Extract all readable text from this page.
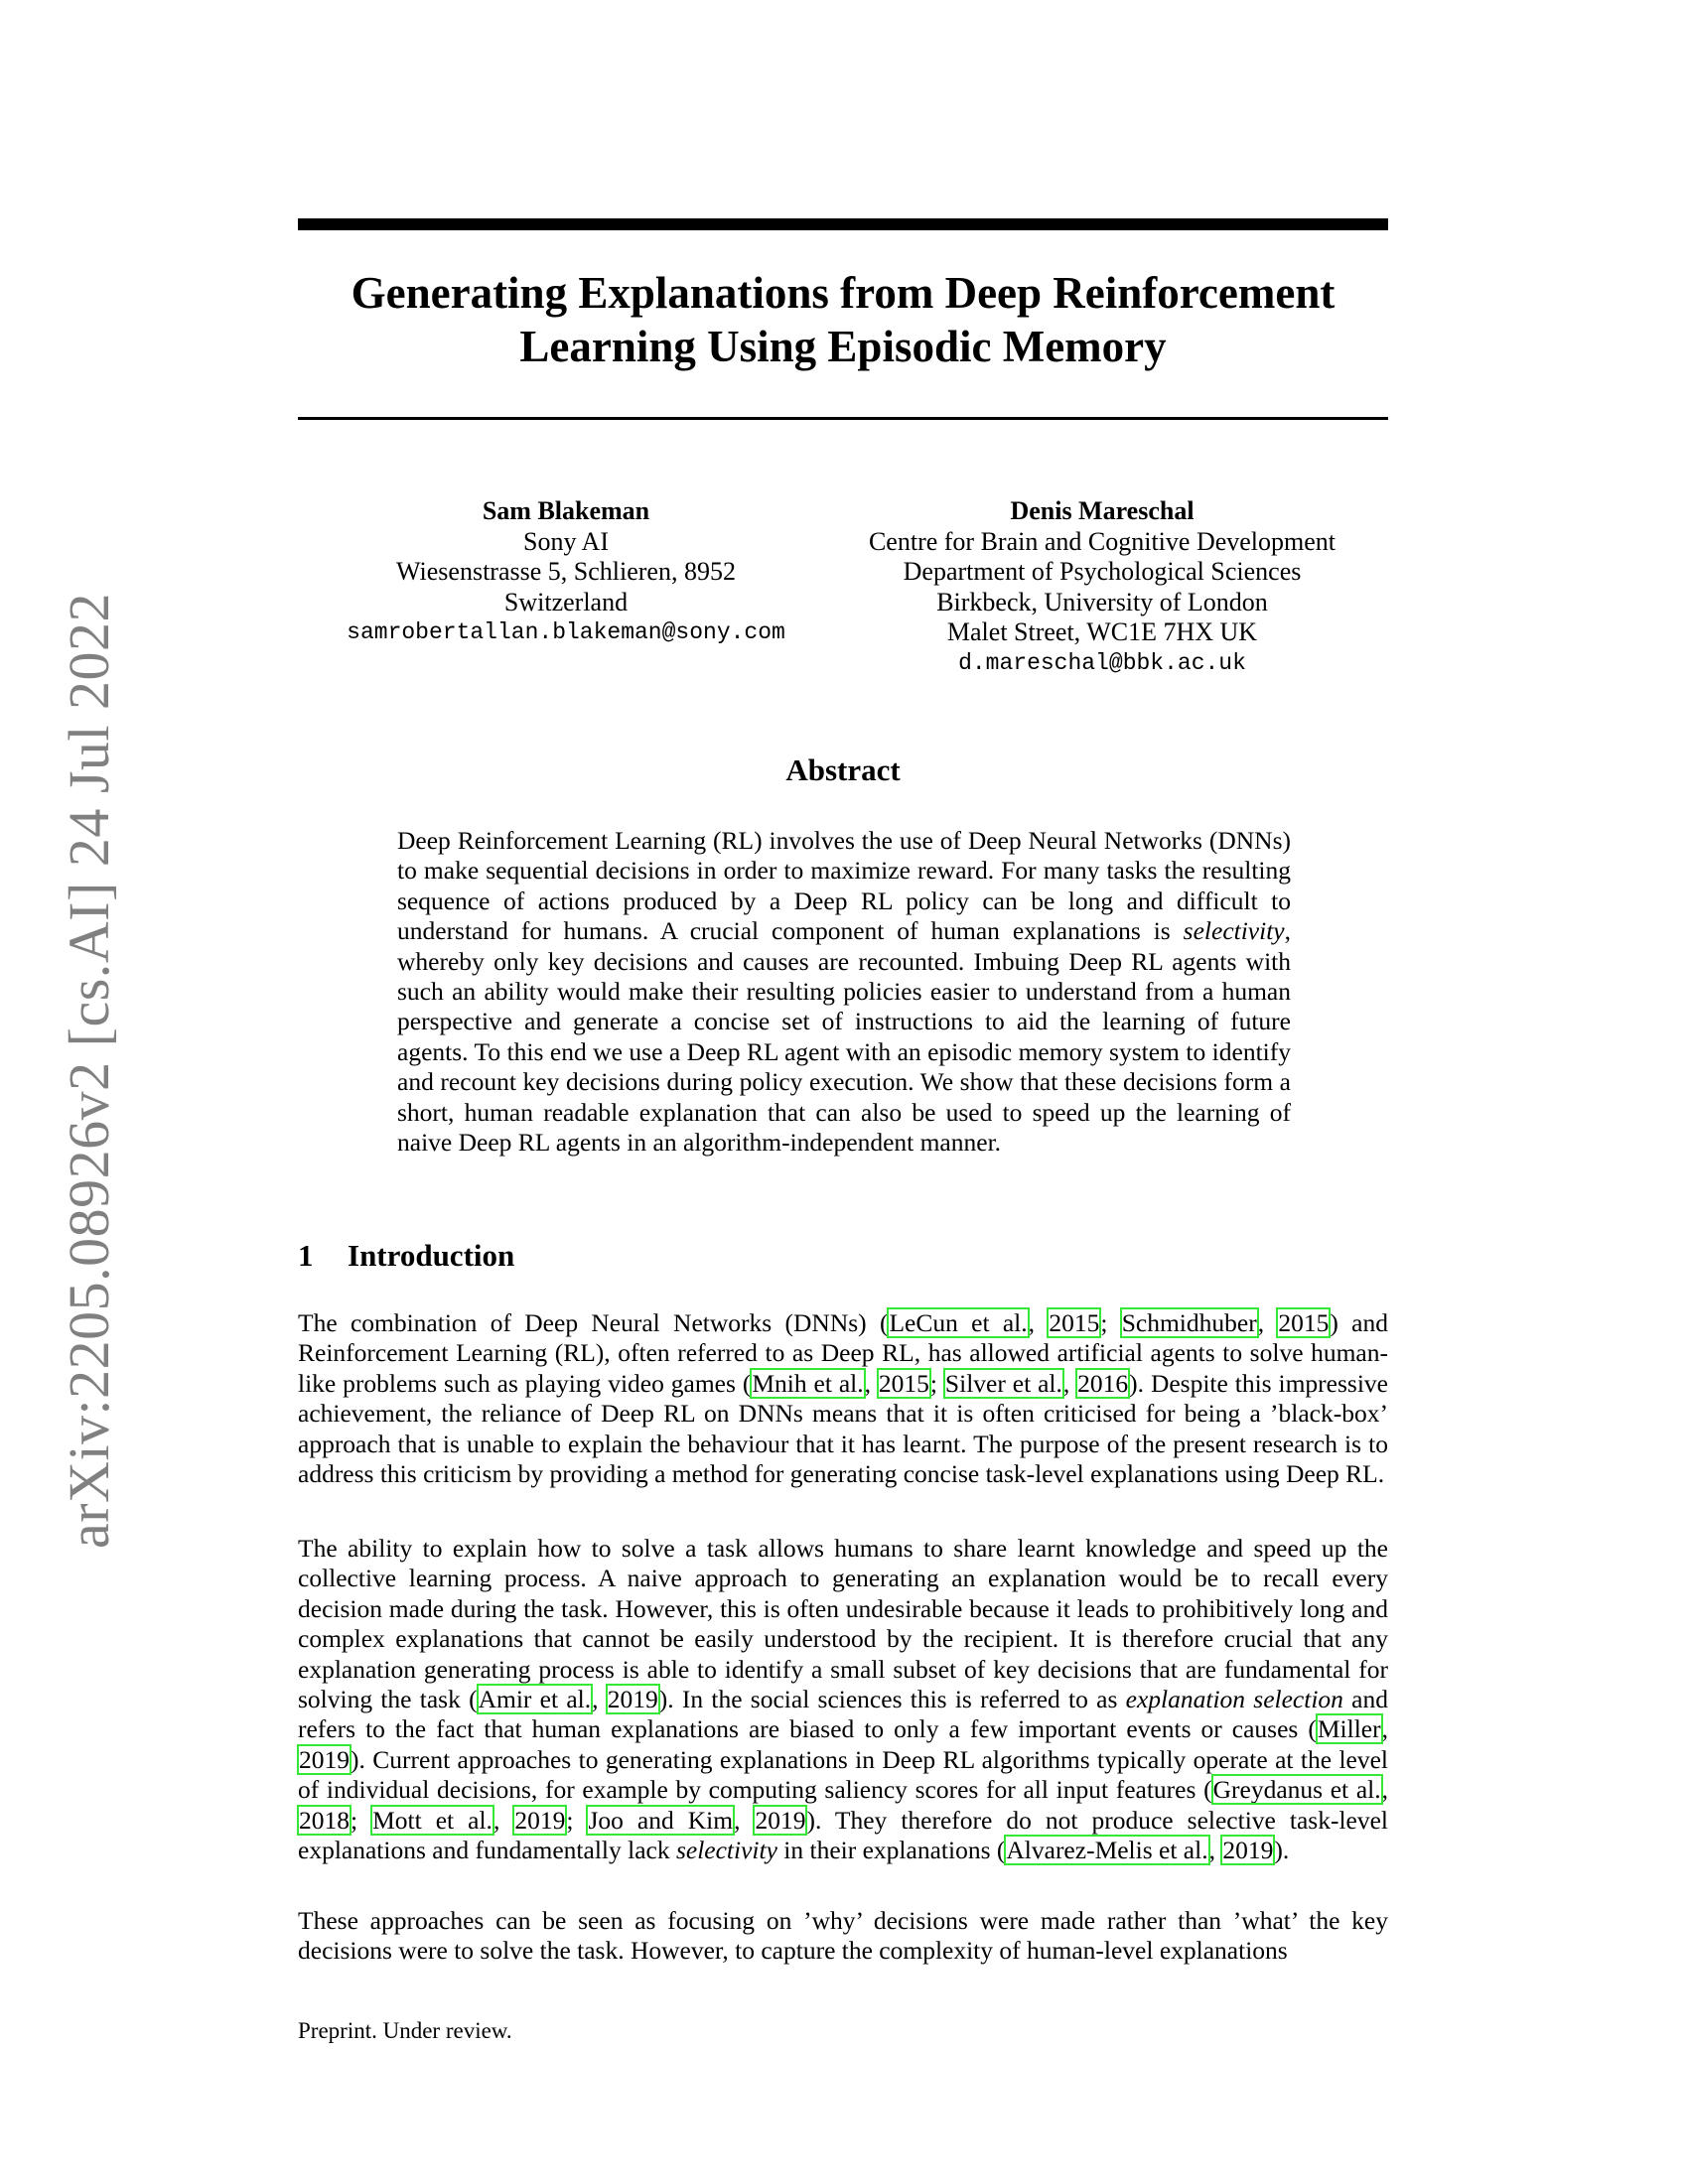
arXiv:2205.08926v2 [cs.AI] 24 Jul 2022
Generating Explanations from Deep Reinforcement
Learning Using Episodic Memory
Sam Blakeman
Sony AI
Wiesenstrasse 5, Schlieren, 8952
Switzerland
samrobertallan.blakeman@sony.com
Denis Mareschal
Centre for Brain and Cognitive Development
Department of Psychological Sciences
Birkbeck, University of London
Malet Street, WC1E 7HX UK
d.mareschal@bbk.ac.uk
Abstract

Deep Reinforcement Learning (RL) involves the use of Deep Neural Networks (DNNs) to make sequential decisions in order to maximize reward. For many tasks the resulting sequence of actions produced by a Deep RL policy can be long and difficult to understand for humans. A crucial component of human explanations is selectivity, whereby only key decisions and causes are recounted. Imbuing Deep RL agents with such an ability would make their resulting policies easier to understand from a human perspective and generate a concise set of instructions to aid the learning of future agents. To this end we use a Deep RL agent with an episodic memory system to identify and recount key decisions during policy execution. We show that these decisions form a short, human readable explanation that can also be used to speed up the learning of naive Deep RL agents in an algorithm-independent manner.

1 Introduction

The combination of Deep Neural Networks (DNNs) (LeCun et al., 2015; Schmidhuber, 2015) and Reinforcement Learning (RL), often referred to as Deep RL, has allowed artificial agents to solve human-like problems such as playing video games (Mnih et al., 2015; Silver et al., 2016). Despite this impressive achievement, the reliance of Deep RL on DNNs means that it is often criticised for being a ’black-box’ approach that is unable to explain the behaviour that it has learnt. The purpose of the present research is to address this criticism by providing a method for generating concise task-level explanations using Deep RL.

The ability to explain how to solve a task allows humans to share learnt knowledge and speed up the collective learning process. A naive approach to generating an explanation would be to recall every decision made during the task. However, this is often undesirable because it leads to prohibitively long and complex explanations that cannot be easily understood by the recipient. It is therefore crucial that any explanation generating process is able to identify a small subset of key decisions that are fundamental for solving the task (Amir et al., 2019). In the social sciences this is referred to as explanation selection and refers to the fact that human explanations are biased to only a few important events or causes (Miller, 2019). Current approaches to generating explanations in Deep RL algorithms typically operate at the level of individual decisions, for example by computing saliency scores for all input features (Greydanus et al., 2018; Mott et al., 2019; Joo and Kim, 2019). They therefore do not produce selective task-level explanations and fundamentally lack selectivity in their explanations (Alvarez-Melis et al., 2019).

These approaches can be seen as focusing on ’why’ decisions were made rather than ’what’ the key decisions were to solve the task. However, to capture the complexity of human-level explanations

Preprint. Under review.
